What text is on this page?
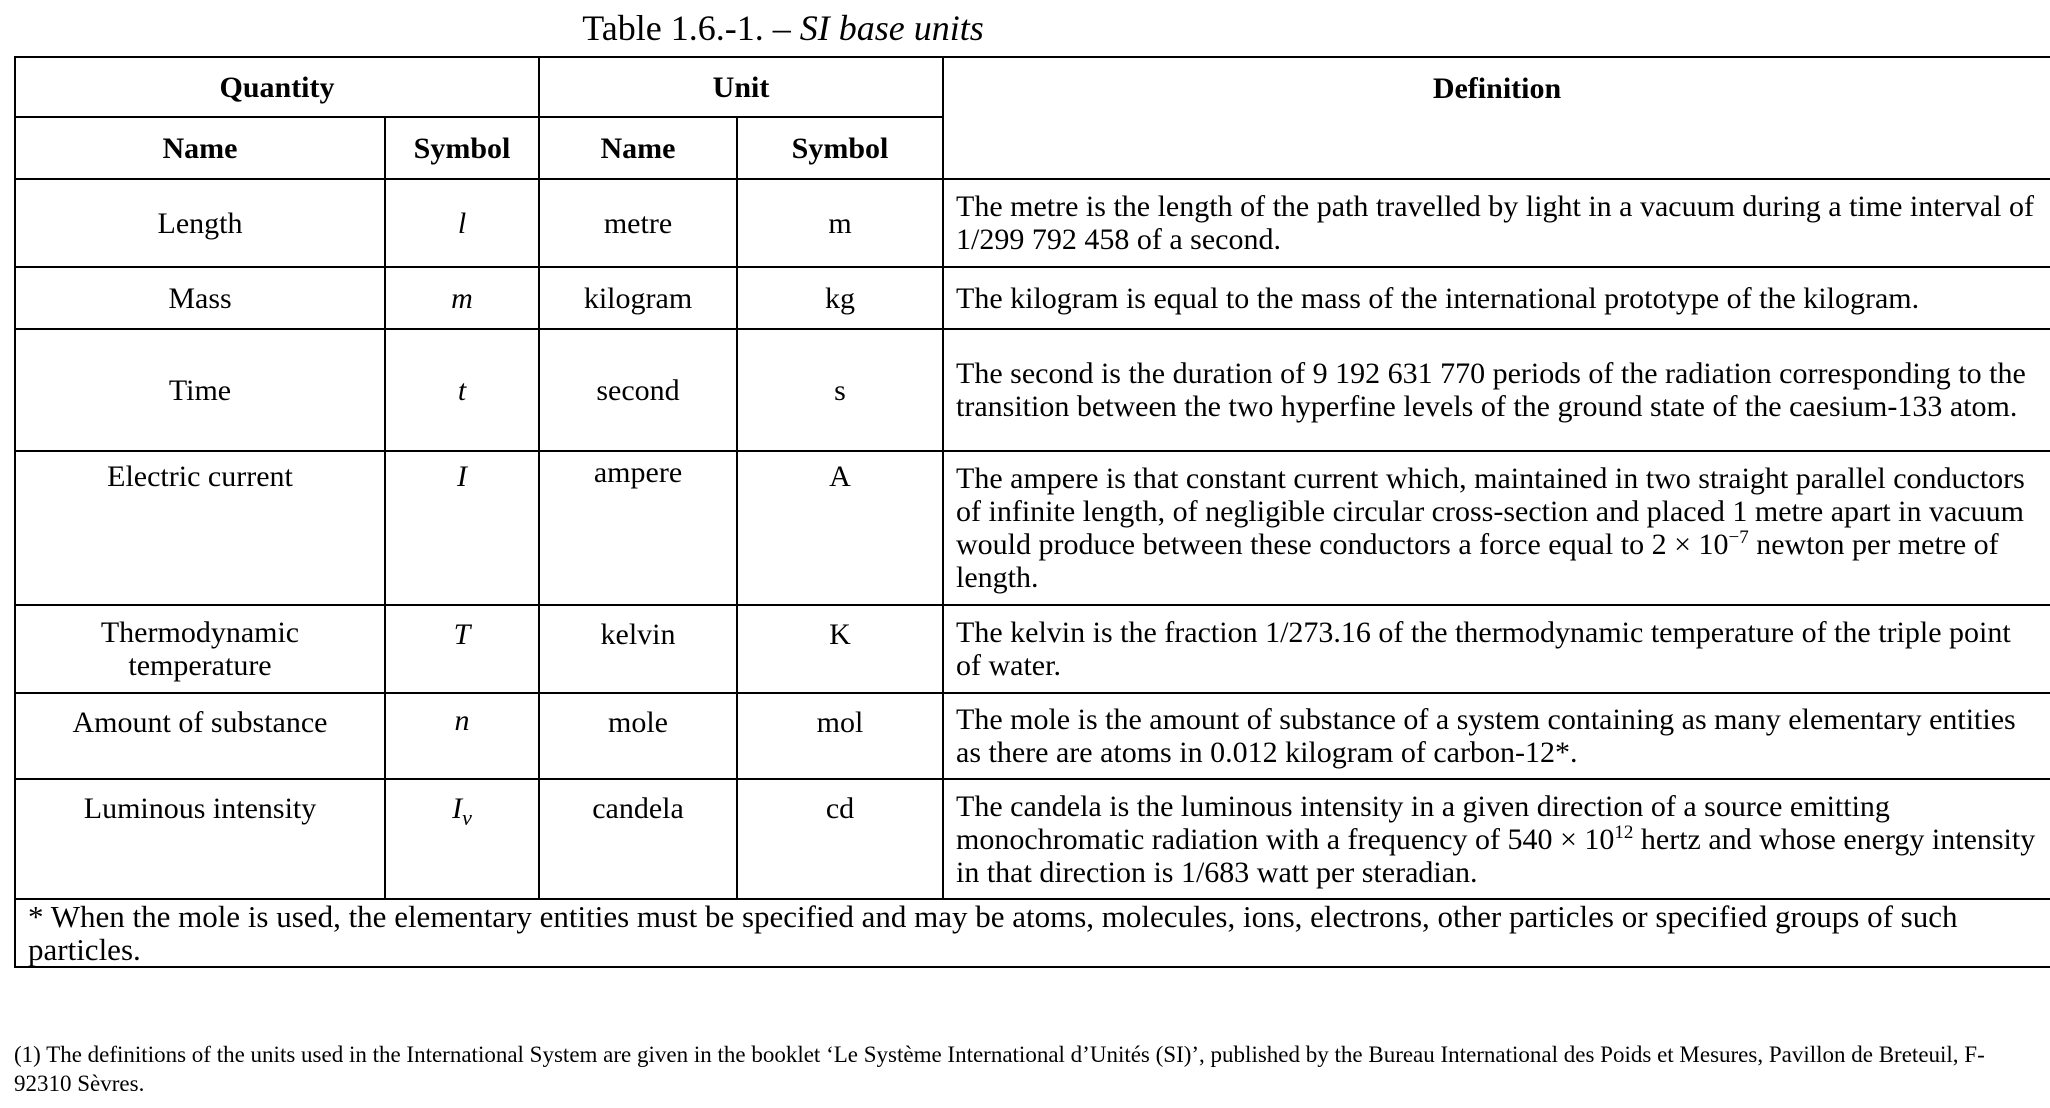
Table 1.6.-1. – SI base units
Quantity		Unit		Definition
Name	Symbol	Name	Symbol	
Length	l	metre	m	The metre is the length of the path travelled by light in a vacuum during a time interval of 1/299 792 458 of a second.
Mass	m	kilogram	kg	The kilogram is equal to the mass of the international prototype of the kilogram.
Time	t	second	s	The second is the duration of 9 192 631 770 periods of the radiation corresponding to the transition between the two hyperfine levels of the ground state of the caesium-133 atom.
Electric current	I	ampere	A	The ampere is that constant current which, maintained in two straight parallel conductors of infinite length, of negligible circular cross-section and placed 1 metre apart in vacuum would produce between these conductors a force equal to $2 \times 10^{-7}$ newton per metre of length.
Thermodynamic temperature	T	kelvin	K	The kelvin is the fraction 1/273.16 of the thermodynamic temperature of the triple point of water.
Amount of substance	n	mole	mol	The mole is the amount of substance of a system containing as many elementary entities as there are atoms in 0.012 kilogram of carbon-12*.
Luminous intensity	$I_v$	candela	cd	The candela is the luminous intensity in a given direction of a source emitting monochromatic radiation with a frequency of $540 \times 10^{12}$ hertz and whose energy intensity in that direction is 1/683 watt per steradian.
* When the mole is used, the elementary entities must be specified and may be atoms, molecules, ions, electrons, other particles or specified groups of such particles.				
(1) The definitions of the units used in the International System are given in the booklet ‘Le Système International d’Unités (SI)’, published by the Bureau International des Poids et Mesures, Pavillon de Breteuil, F-92310 Sèvres.
